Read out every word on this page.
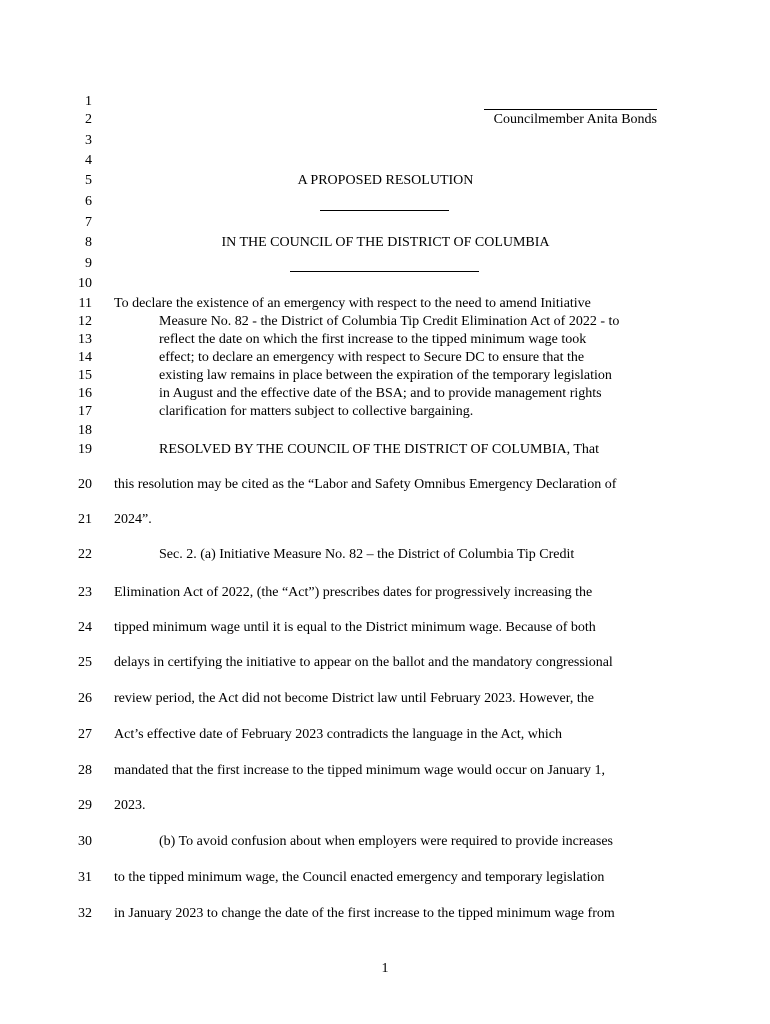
1
2
3
4
5
6
7
8
9
10
11
12
13
14
15
16
17
18
19
20
21
22
23
24
25
26
27
28
29
30
31
32
Councilmember Anita Bonds
A PROPOSED RESOLUTION
IN THE COUNCIL OF THE DISTRICT OF COLUMBIA
To declare the existence of an emergency with respect to the need to amend Initiative
Measure No. 82 - the District of Columbia Tip Credit Elimination Act of 2022 - to
reflect the date on which the first increase to the tipped minimum wage took
effect; to declare an emergency with respect to Secure DC to ensure that the
existing law remains in place between the expiration of the temporary legislation
in August and the effective date of the BSA; and to provide management rights
clarification for matters subject to collective bargaining.
RESOLVED BY THE COUNCIL OF THE DISTRICT OF COLUMBIA, That
this resolution may be cited as the “Labor and Safety Omnibus Emergency Declaration of
2024”.
Sec. 2. (a) Initiative Measure No. 82 – the District of Columbia Tip Credit
Elimination Act of 2022, (the “Act”) prescribes dates for progressively increasing the
tipped minimum wage until it is equal to the District minimum wage. Because of both
delays in certifying the initiative to appear on the ballot and the mandatory congressional
review period, the Act did not become District law until February 2023. However, the
Act’s effective date of February 2023 contradicts the language in the Act, which
mandated that the first increase to the tipped minimum wage would occur on January 1,
2023.
(b) To avoid confusion about when employers were required to provide increases
to the tipped minimum wage, the Council enacted emergency and temporary legislation
in January 2023 to change the date of the first increase to the tipped minimum wage from
1
